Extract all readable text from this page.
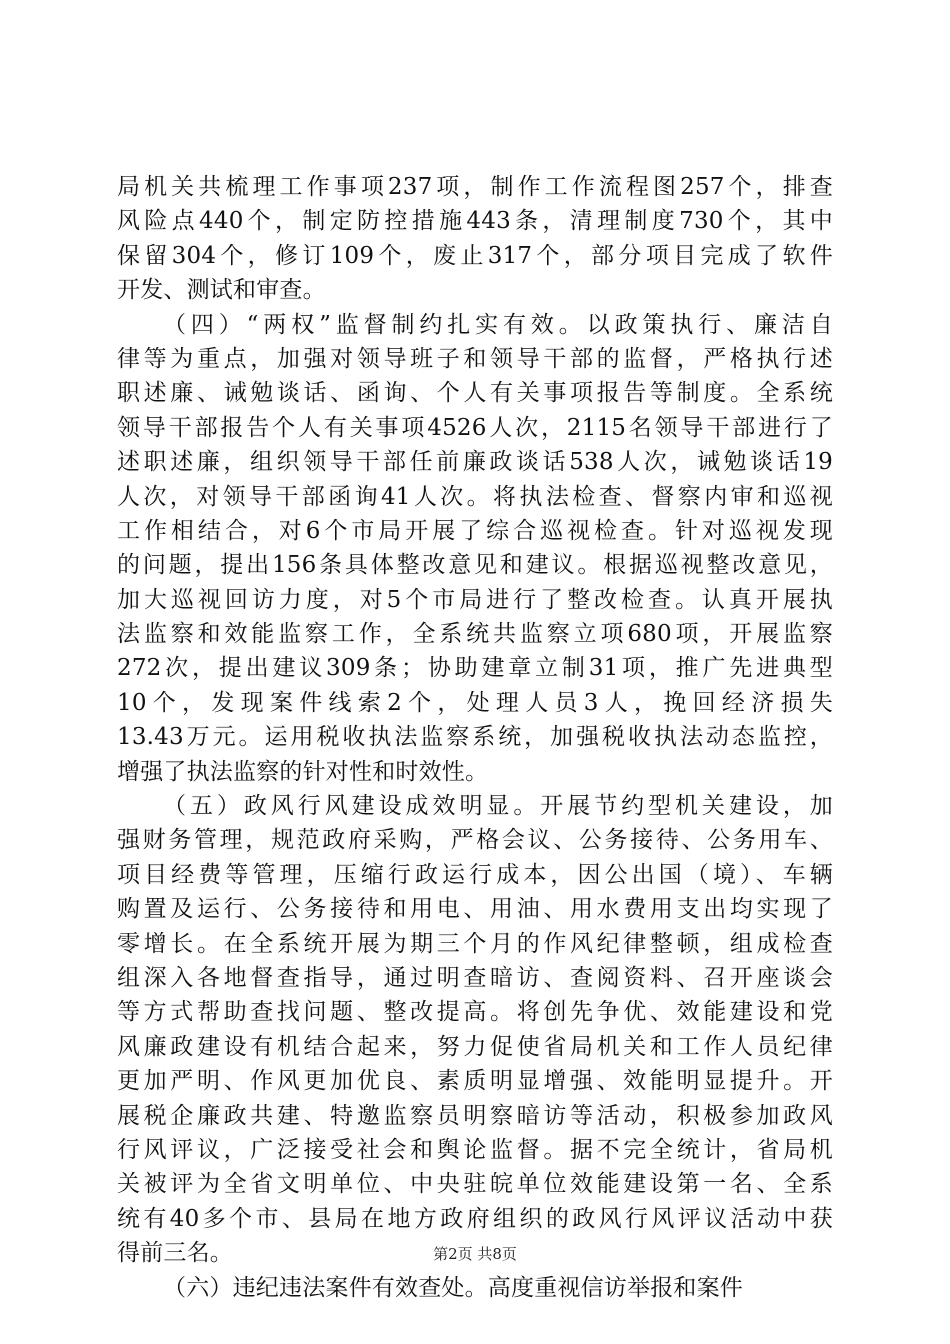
局机关共梳理工作事项237项，制作工作流程图257个，排查
风险点440个，制定防控措施443条，清理制度730个，其中
保留304个，修订109个，废止317个，部分项目完成了软件
开发、测试和审查。
（四）“两权”监督制约扎实有效。以政策执行、廉洁自
律等为重点，加强对领导班子和领导干部的监督，严格执行述
职述廉、诫勉谈话、函询、个人有关事项报告等制度。全系统
领导干部报告个人有关事项4526人次，2115名领导干部进行了
述职述廉，组织领导干部任前廉政谈话538人次，诫勉谈话19
人次，对领导干部函询41人次。将执法检查、督察内审和巡视
工作相结合，对6个市局开展了综合巡视检查。针对巡视发现
的问题，提出156条具体整改意见和建议。根据巡视整改意见，
加大巡视回访力度，对5个市局进行了整改检查。认真开展执
法监察和效能监察工作，全系统共监察立项680项，开展监察
272次，提出建议309条；协助建章立制31项，推广先进典型
10个，发现案件线索2个，处理人员3人，挽回经济损失
13.43万元。运用税收执法监察系统，加强税收执法动态监控，
增强了执法监察的针对性和时效性。
（五）政风行风建设成效明显。开展节约型机关建设，加
强财务管理，规范政府采购，严格会议、公务接待、公务用车、
项目经费等管理，压缩行政运行成本，因公出国（境）、车辆
购置及运行、公务接待和用电、用油、用水费用支出均实现了
零增长。在全系统开展为期三个月的作风纪律整顿，组成检查
组深入各地督查指导，通过明查暗访、查阅资料、召开座谈会
等方式帮助查找问题、整改提高。将创先争优、效能建设和党
风廉政建设有机结合起来，努力促使省局机关和工作人员纪律
更加严明、作风更加优良、素质明显增强、效能明显提升。开
展税企廉政共建、特邀监察员明察暗访等活动，积极参加政风
行风评议，广泛接受社会和舆论监督。据不完全统计，省局机
关被评为全省文明单位、中央驻皖单位效能建设第一名、全系
统有40多个市、县局在地方政府组织的政风行风评议活动中获
得前三名。
（六）违纪违法案件有效查处。高度重视信访举报和案件
第2页 共8页
